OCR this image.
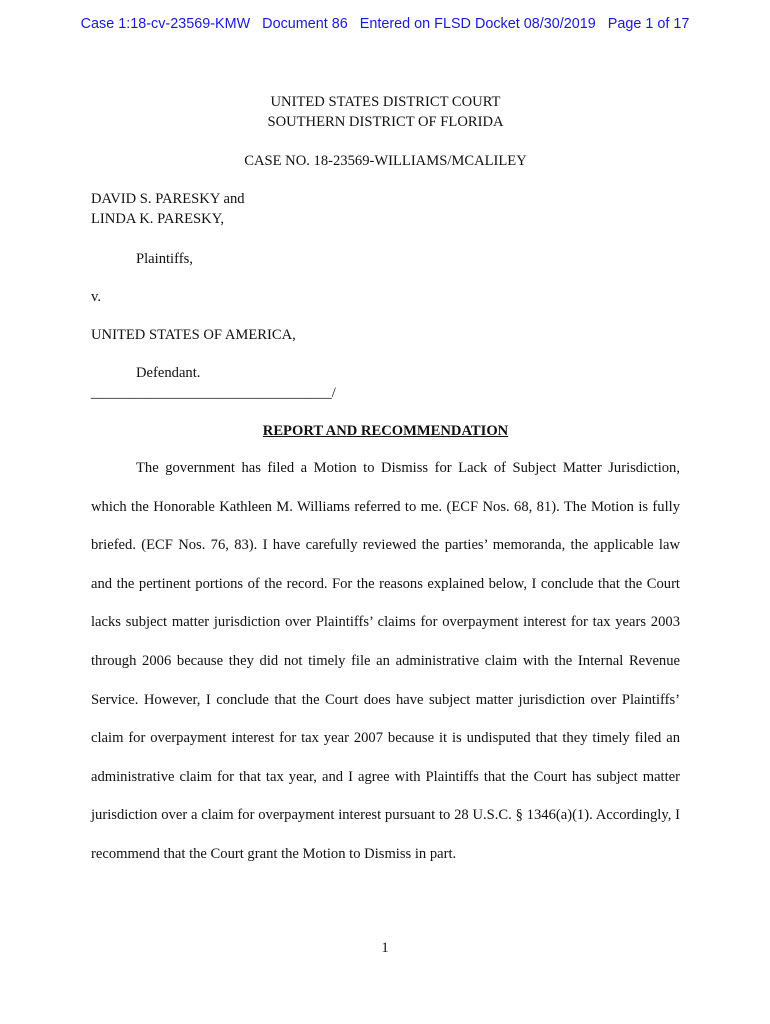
Case 1:18-cv-23569-KMW   Document 86   Entered on FLSD Docket 08/30/2019   Page 1 of 17
UNITED STATES DISTRICT COURT
SOUTHERN DISTRICT OF FLORIDA
CASE NO. 18-23569-WILLIAMS/MCALILEY
DAVID S. PARESKY and
LINDA K. PARESKY,
Plaintiffs,
v.
UNITED STATES OF AMERICA,
Defendant.
_________________________________/
REPORT AND RECOMMENDATION

The government has filed a Motion to Dismiss for Lack of Subject Matter Jurisdiction, which the Honorable Kathleen M. Williams referred to me. (ECF Nos. 68, 81). The Motion is fully briefed. (ECF Nos. 76, 83). I have carefully reviewed the parties’ memoranda, the applicable law and the pertinent portions of the record. For the reasons explained below, I conclude that the Court lacks subject matter jurisdiction over Plaintiffs’ claims for overpayment interest for tax years 2003 through 2006 because they did not timely file an administrative claim with the Internal Revenue Service. However, I conclude that the Court does have subject matter jurisdiction over Plaintiffs’ claim for overpayment interest for tax year 2007 because it is undisputed that they timely filed an administrative claim for that tax year, and I agree with Plaintiffs that the Court has subject matter jurisdiction over a claim for overpayment interest pursuant to 28 U.S.C. § 1346(a)(1). Accordingly, I recommend that the Court grant the Motion to Dismiss in part.

1
